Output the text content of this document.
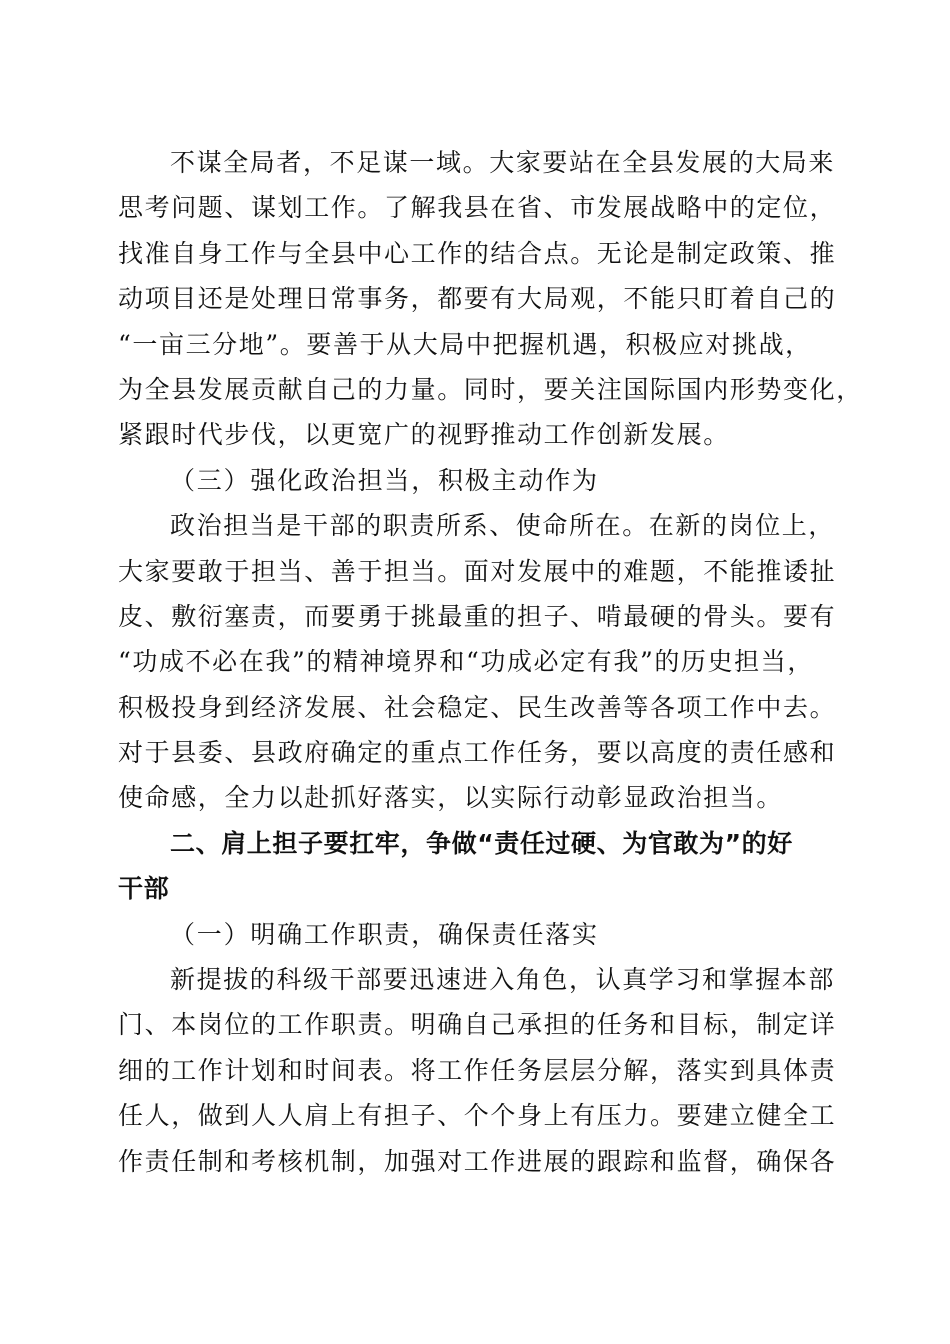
不谋全局者，不足谋一域。大家要站在全县发展的大局来
思考问题、谋划工作。了解我县在省、市发展战略中的定位，
找准自身工作与全县中心工作的结合点。无论是制定政策、推
动项目还是处理日常事务，都要有大局观，不能只盯着自己的
“一亩三分地”。要善于从大局中把握机遇，积极应对挑战，
为全县发展贡献自己的力量。同时，要关注国际国内形势变化，
紧跟时代步伐，以更宽广的视野推动工作创新发展。
（三）强化政治担当，积极主动作为
政治担当是干部的职责所系、使命所在。在新的岗位上，
大家要敢于担当、善于担当。面对发展中的难题，不能推诿扯
皮、敷衍塞责，而要勇于挑最重的担子、啃最硬的骨头。要有
“功成不必在我”的精神境界和“功成必定有我”的历史担当，
积极投身到经济发展、社会稳定、民生改善等各项工作中去。
对于县委、县政府确定的重点工作任务，要以高度的责任感和
使命感，全力以赴抓好落实，以实际行动彰显政治担当。
二、肩上担子要扛牢，争做“责任过硬、为官敢为”的好
干部
（一）明确工作职责，确保责任落实
新提拔的科级干部要迅速进入角色，认真学习和掌握本部
门、本岗位的工作职责。明确自己承担的任务和目标，制定详
细的工作计划和时间表。将工作任务层层分解，落实到具体责
任人，做到人人肩上有担子、个个身上有压力。要建立健全工
作责任制和考核机制，加强对工作进展的跟踪和监督，确保各
